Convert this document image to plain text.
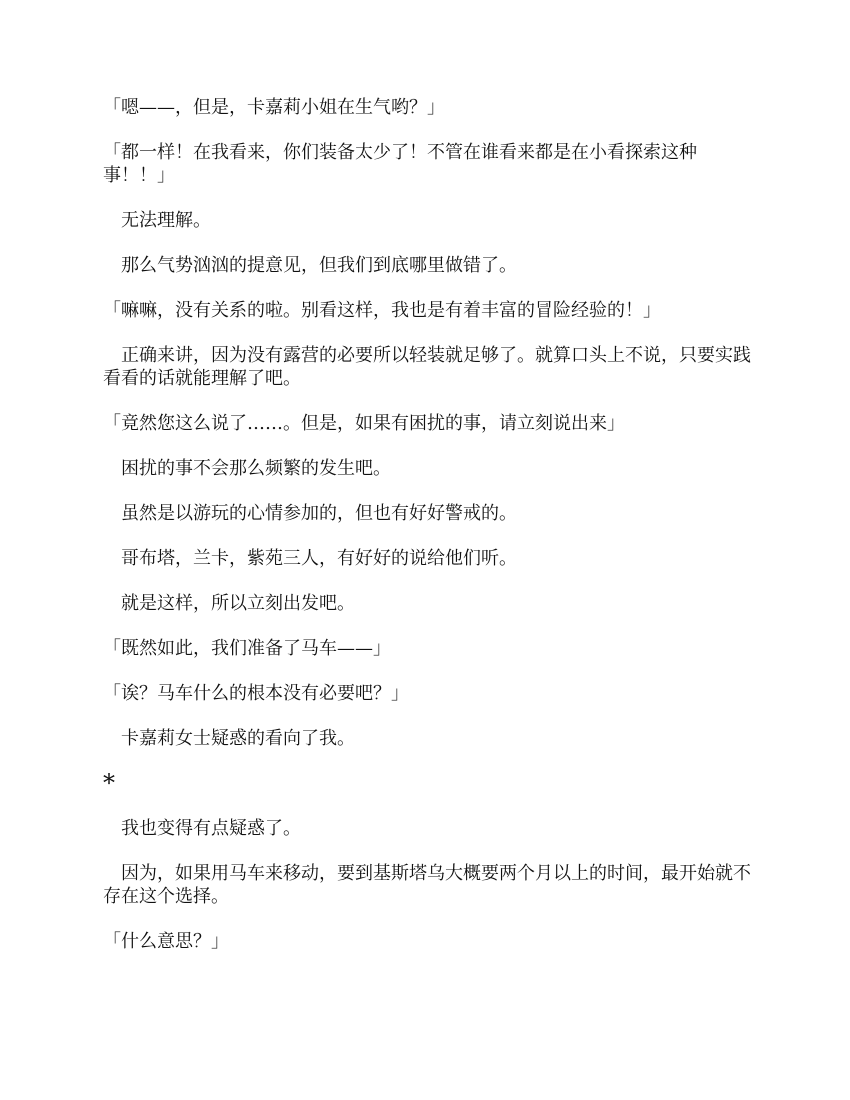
「嗯——，但是，卡嘉莉小姐在生气哟？」

「都一样！在我看来，你们装备太少了！不管在谁看来都是在小看探索这种事！！」

无法理解。

那么气势汹汹的提意见，但我们到底哪里做错了。

「嘛嘛，没有关系的啦。别看这样，我也是有着丰富的冒险经验的！」

正确来讲，因为没有露营的必要所以轻装就足够了。就算口头上不说，只要实践看看的话就能理解了吧。

「竟然您这么说了……。但是，如果有困扰的事，请立刻说出来」

困扰的事不会那么频繁的发生吧。

虽然是以游玩的心情参加的，但也有好好警戒的。

哥布塔，兰卡，紫苑三人，有好好的说给他们听。

就是这样，所以立刻出发吧。

「既然如此，我们准备了马车——」

「诶？马车什么的根本没有必要吧？」

卡嘉莉女士疑惑的看向了我。

*

我也变得有点疑惑了。

因为，如果用马车来移动，要到基斯塔乌大概要两个月以上的时间，最开始就不存在这个选择。

「什么意思？」
